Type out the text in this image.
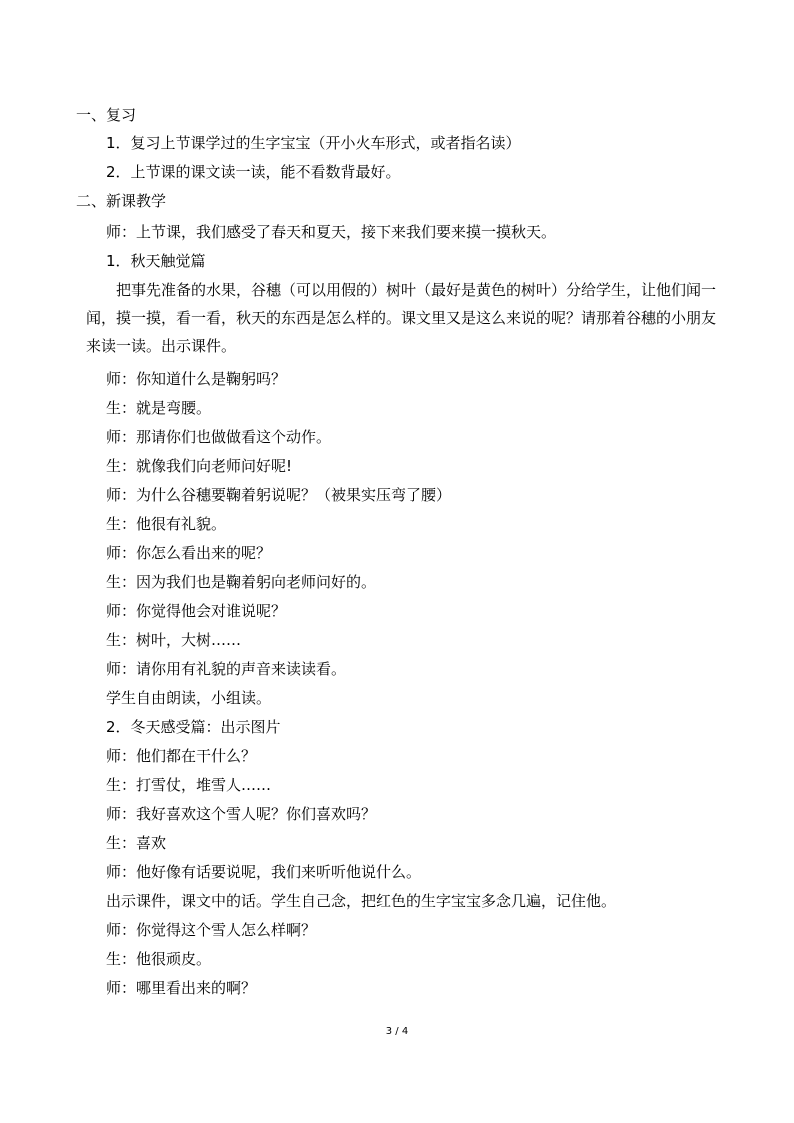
一、复习
1．复习上节课学过的生字宝宝（开小火车形式，或者指名读）
2．上节课的课文读一读，能不看数背最好。
二、新课教学
师：上节课，我们感受了春天和夏天，接下来我们要来摸一摸秋天。
1．秋天触觉篇
把事先准备的水果，谷穗（可以用假的）树叶（最好是黄色的树叶）分给学生，让他们闻一闻，摸一摸，看一看，秋天的东西是怎么样的。课文里又是这么来说的呢？请那着谷穗的小朋友来读一读。出示课件。
师：你知道什么是鞠躬吗？
生：就是弯腰。
师：那请你们也做做看这个动作。
生：就像我们向老师问好呢!
师：为什么谷穗要鞠着躬说呢？（被果实压弯了腰）
生：他很有礼貌。
师：你怎么看出来的呢？
生：因为我们也是鞠着躬向老师问好的。
师：你觉得他会对谁说呢？
生：树叶，大树……
师：请你用有礼貌的声音来读读看。
学生自由朗读，小组读。
2．冬天感受篇：出示图片
师：他们都在干什么？
生：打雪仗，堆雪人……
师：我好喜欢这个雪人呢？你们喜欢吗？
生：喜欢
师：他好像有话要说呢，我们来听听他说什么。
出示课件，课文中的话。学生自己念，把红色的生字宝宝多念几遍，记住他。
师：你觉得这个雪人怎么样啊？
生：他很顽皮。
师：哪里看出来的啊？
3 / 4
